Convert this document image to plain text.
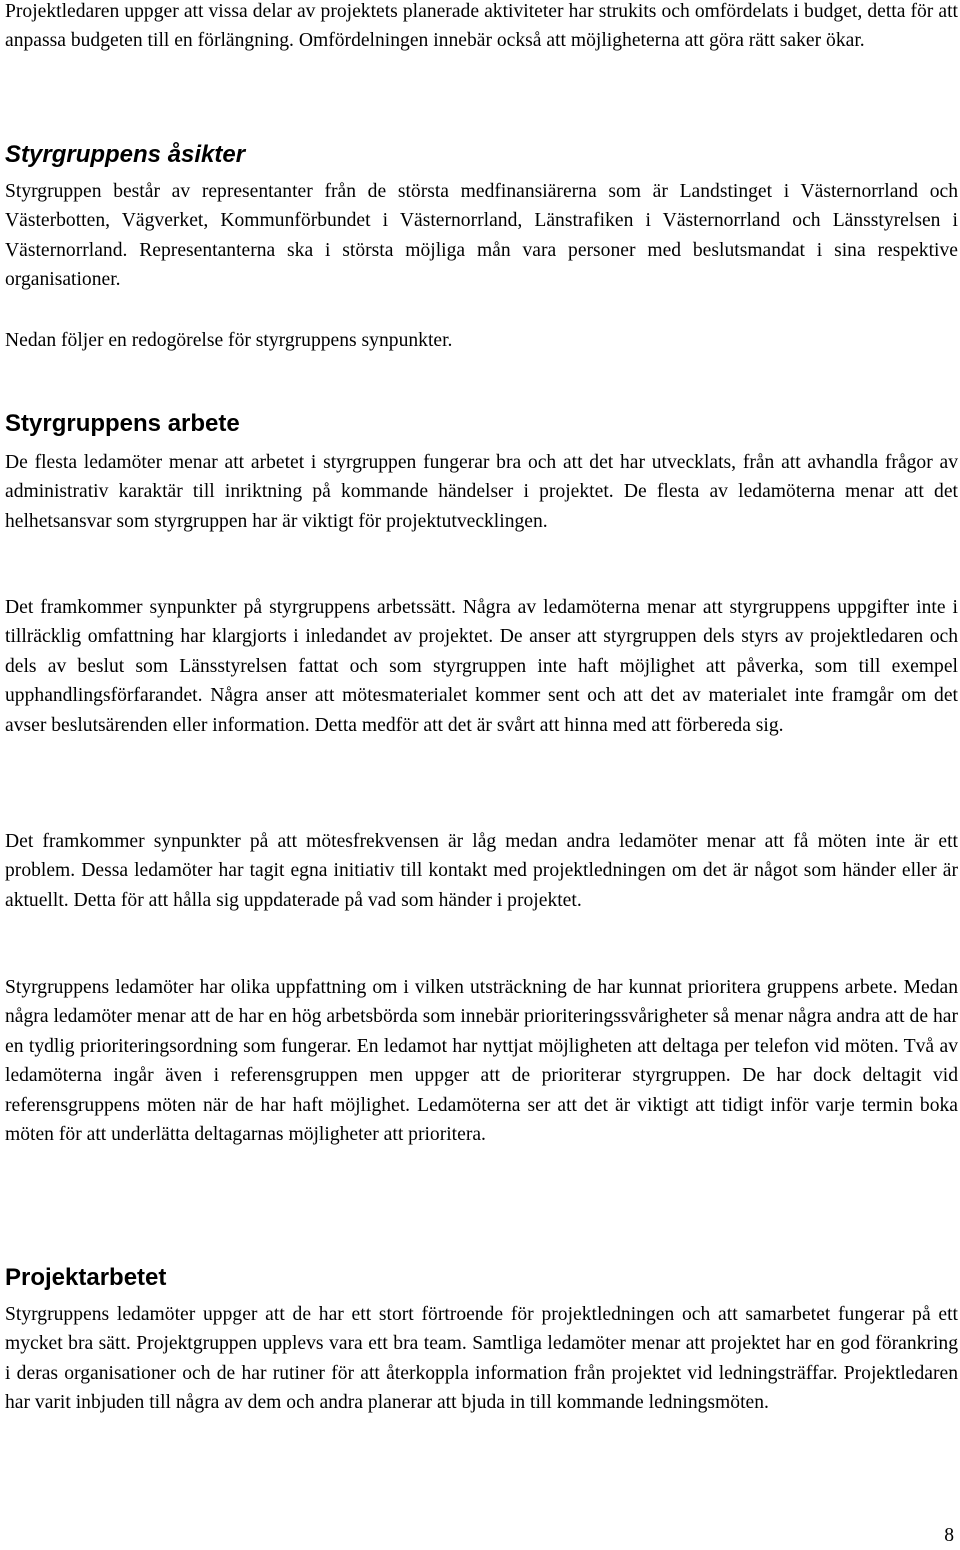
Projektledaren uppger att vissa delar av projektets planerade aktiviteter har strukits och omfördelats i budget, detta för att anpassa budgeten till en förlängning. Omfördelningen innebär också att möjligheterna att göra rätt saker ökar.

Styrgruppens åsikter

Styrgruppen består av representanter från de största medfinansiärerna som är Landstinget i Västernorrland och Västerbotten, Vägverket, Kommunförbundet i Västernorrland, Länstrafiken i Västernorrland och Länsstyrelsen i Västernorrland. Representanterna ska i största möjliga mån vara personer med beslutsmandat i sina respektive organisationer.

Nedan följer en redogörelse för styrgruppens synpunkter.

Styrgruppens arbete

De flesta ledamöter menar att arbetet i styrgruppen fungerar bra och att det har utvecklats, från att avhandla frågor av administrativ karaktär till inriktning på kommande händelser i projektet. De flesta av ledamöterna menar att det helhetsansvar som styrgruppen har är viktigt för projektutvecklingen.

Det framkommer synpunkter på styrgruppens arbetssätt. Några av ledamöterna menar att styrgruppens uppgifter inte i tillräcklig omfattning har klargjorts i inledandet av projektet. De anser att styrgruppen dels styrs av projektledaren och dels av beslut som Länsstyrelsen fattat och som styrgruppen inte haft möjlighet att påverka, som till exempel upphandlingsförfarandet. Några anser att mötesmaterialet kommer sent och att det av materialet inte framgår om det avser beslutsärenden eller information. Detta medför att det är svårt att hinna med att förbereda sig.

Det framkommer synpunkter på att mötesfrekvensen är låg medan andra ledamöter menar att få möten inte är ett problem. Dessa ledamöter har tagit egna initiativ till kontakt med projektledningen om det är något som händer eller är aktuellt. Detta för att hålla sig uppdaterade på vad som händer i projektet.

Styrgruppens ledamöter har olika uppfattning om i vilken utsträckning de har kunnat prioritera gruppens arbete. Medan några ledamöter menar att de har en hög arbetsbörda som innebär prioriteringssvårigheter så menar några andra att de har en tydlig prioriteringsordning som fungerar. En ledamot har nyttjat möjligheten att deltaga per telefon vid möten. Två av ledamöterna ingår även i referensgruppen men uppger att de prioriterar styrgruppen. De har dock deltagit vid referensgruppens möten när de har haft möjlighet. Ledamöterna ser att det är viktigt att tidigt inför varje termin boka möten för att underlätta deltagarnas möjligheter att prioritera.

Projektarbetet

Styrgruppens ledamöter uppger att de har ett stort förtroende för projektledningen och att samarbetet fungerar på ett mycket bra sätt. Projektgruppen upplevs vara ett bra team. Samtliga ledamöter menar att projektet har en god förankring i deras organisationer och de har rutiner för att återkoppla information från projektet vid ledningsträffar. Projektledaren har varit inbjuden till några av dem och andra planerar att bjuda in till kommande ledningsmöten.

8
